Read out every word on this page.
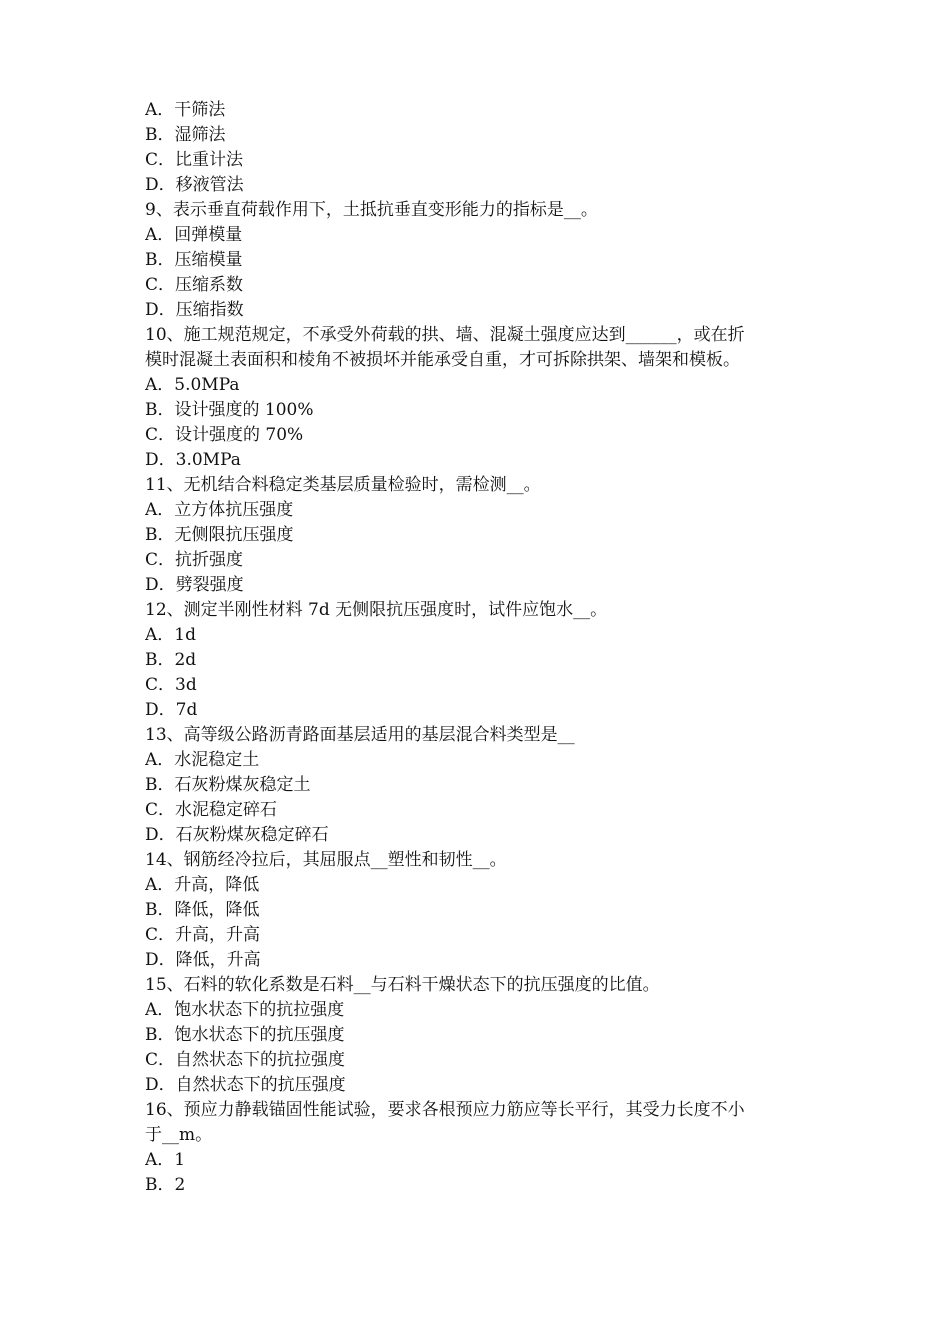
A．干筛法
B．湿筛法
C．比重计法
D．移液管法
9、表示垂直荷载作用下，土抵抗垂直变形能力的指标是__。
A．回弹模量
B．压缩模量
C．压缩系数
D．压缩指数
10、施工规范规定，不承受外荷载的拱、墙、混凝土强度应达到______，或在折
模时混凝土表面积和棱角不被损坏并能承受自重，才可拆除拱架、墙架和模板。
A．5.0MPa
B．设计强度的 100%
C．设计强度的 70%
D．3.0MPa
11、无机结合料稳定类基层质量检验时，需检测__。
A．立方体抗压强度
B．无侧限抗压强度
C．抗折强度
D．劈裂强度
12、测定半刚性材料 7d 无侧限抗压强度时，试件应饱水__。
A．1d
B．2d
C．3d
D．7d
13、高等级公路沥青路面基层适用的基层混合料类型是__
A．水泥稳定土
B．石灰粉煤灰稳定土
C．水泥稳定碎石
D．石灰粉煤灰稳定碎石
14、钢筋经冷拉后，其屈服点__塑性和韧性__。
A．升高，降低
B．降低，降低
C．升高，升高
D．降低，升高
15、石料的软化系数是石料__与石料干燥状态下的抗压强度的比值。
A．饱水状态下的抗拉强度
B．饱水状态下的抗压强度
C．自然状态下的抗拉强度
D．自然状态下的抗压强度
16、预应力静载锚固性能试验，要求各根预应力筋应等长平行，其受力长度不小
于__m。
A．1
B．2
